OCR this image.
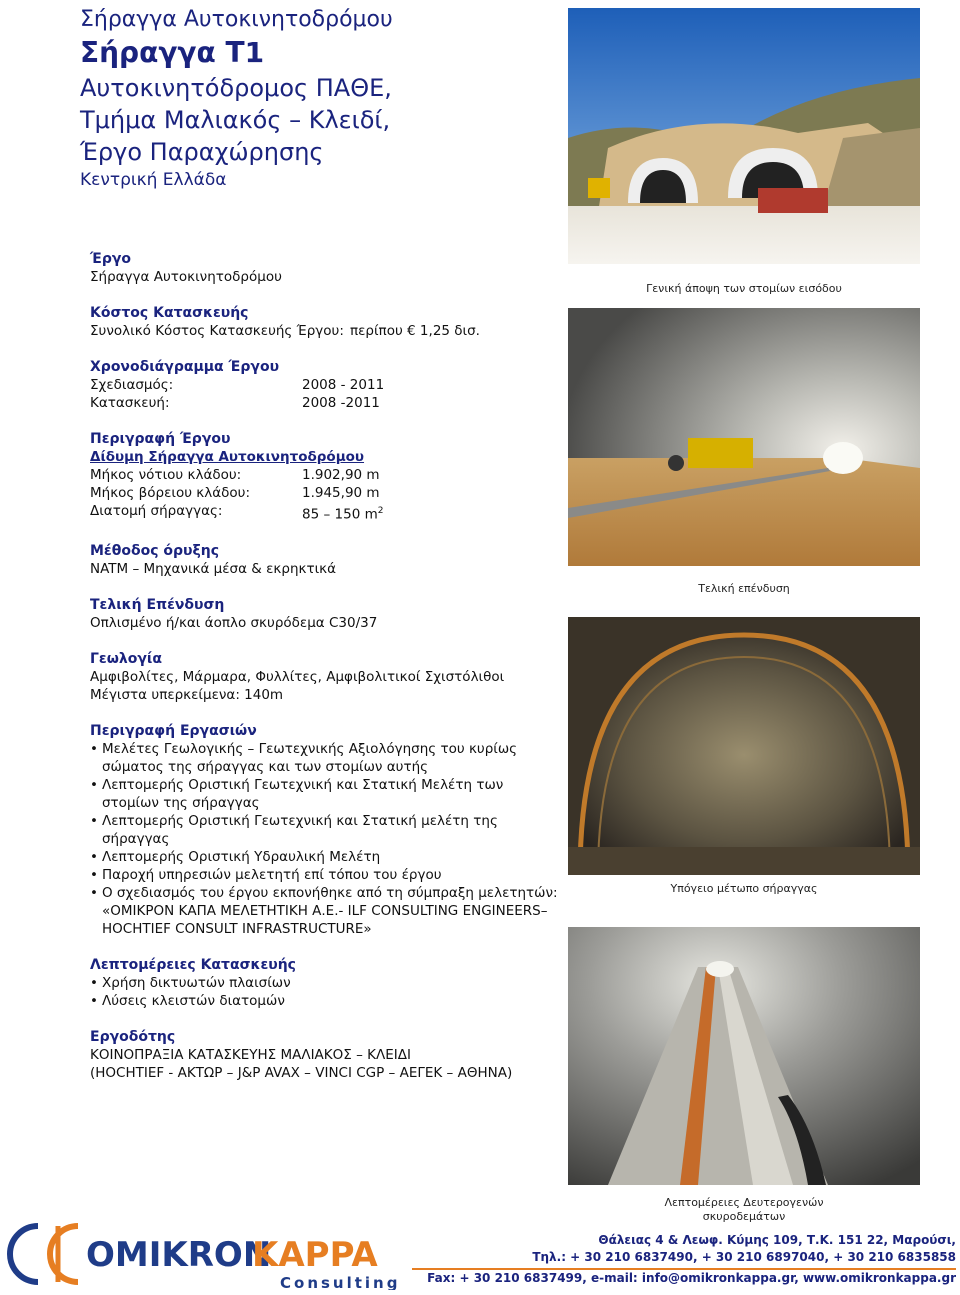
Σήραγγα Αυτοκινητοδρόμου
Σήραγγα Τ1
Αυτοκινητόδρομος ΠΑΘΕ,
Τμήμα Μαλιακός – Κλειδί,
Έργο Παραχώρησης
Κεντρική Ελλάδα
Έργο
Σήραγγα Αυτοκινητοδρόμου
Κόστος Κατασκευής
Συνολικό Κόστος Κατασκευής Έργου: περίπου € 1,25 δισ.
Χρονοδιάγραμμα Έργου
Σχεδιασμός:	2008 - 2011
Κατασκευή:	2008 -2011
Περιγραφή Έργου
Δίδυμη Σήραγγα Αυτοκινητοδρόμου
Μήκος νότιου κλάδου:	1.902,90 m
Μήκος βόρειου κλάδου:	1.945,90 m
Διατομή σήραγγας:	85 – 150 $m^2$
Μέθοδος όρυξης
NATM – Μηχανικά μέσα & εκρηκτικά
Τελική Επένδυση
Οπλισμένο ή/και άοπλο σκυρόδεμα C30/37
Γεωλογία
Αμφιβολίτες, Μάρμαρα, Φυλλίτες, Αμφιβολιτικοί Σχιστόλιθοι
Μέγιστα υπερκείμενα: 140m
Περιγραφή Εργασιών
• Μελέτες Γεωλογικής – Γεωτεχνικής Αξιολόγησης του κυρίως σώματος της σήραγγας και των στομίων αυτής
• Λεπτομερής Οριστική Γεωτεχνική και Στατική Μελέτη των στομίων της σήραγγας
• Λεπτομερής Οριστική Γεωτεχνική και Στατική μελέτη της σήραγγας
• Λεπτομερής Οριστική Υδραυλική Μελέτη
• Παροχή υπηρεσιών μελετητή επί τόπου του έργου
• Ο σχεδιασμός του έργου εκπονήθηκε από τη σύμπραξη μελετητών: «ΟΜΙΚΡΟΝ ΚΑΠΑ ΜΕΛΕΤΗΤΙΚΗ Α.Ε.- ILF CONSULTING ENGINEERS– HOCHTIEF CONSULT INFRASTRUCTURE»
Λεπτομέρειες Κατασκευής
• Χρήση δικτυωτών πλαισίων
• Λύσεις κλειστών διατομών
Εργοδότης
ΚΟΙΝΟΠΡΑΞΙΑ ΚΑΤΑΣΚΕΥΗΣ ΜΑΛΙΑΚΟΣ – ΚΛΕΙΔΙ
(HOCHTIEF - ΑΚΤΩΡ – J&P AVAX – VINCI CGP – ΑΕΓΕΚ – ΑΘΗΝΑ)
Γενική άποψη των στομίων εισόδου
Τελική επένδυση
Υπόγειο μέτωπο σήραγγας
Λεπτομέρειες Δευτερογενών
σκυροδεμάτων
OMIKRON
KAPPA
Consulting
Θάλειας 4 & Λεωφ. Κύμης 109, Τ.Κ. 151 22, Μαρούσι,
Τηλ.: + 30 210 6837490, + 30 210 6897040, + 30 210 6835858
Fax: + 30 210 6837499, e-mail: info@omikronkappa.gr, www.omikronkappa.gr
